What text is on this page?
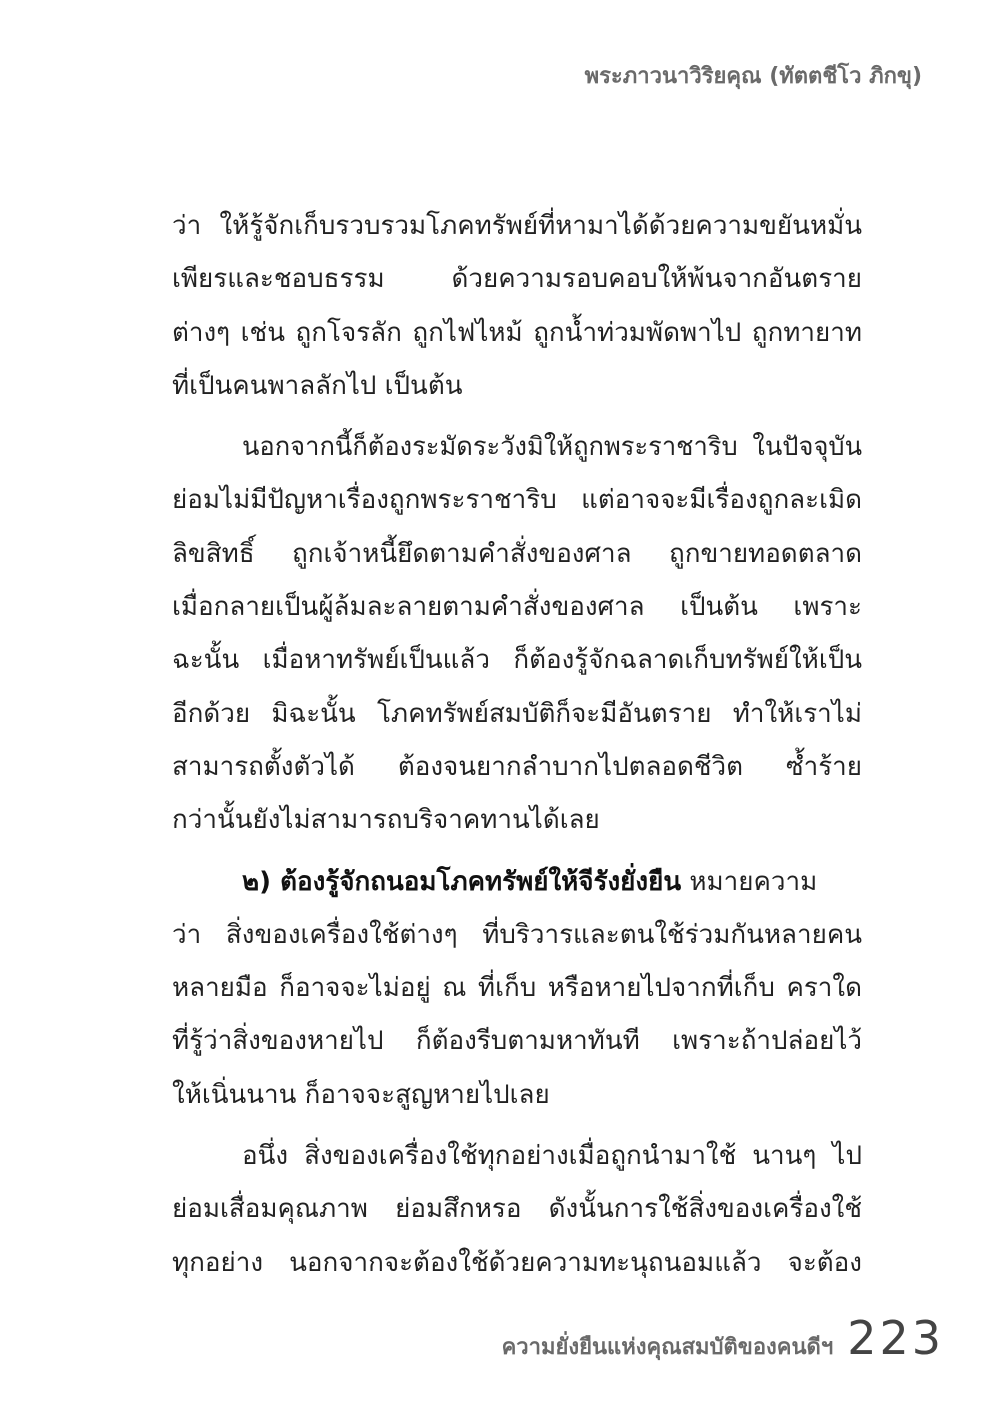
พระภาวนาวิริยคุณ (ทัตตชีโว ภิกขุ)
ว่า ให้รู้จักเก็บรวบรวมโภคทรัพย์ที่หามาได้ด้วยความขยันหมั่น
เพียรและชอบธรรม ด้วยความรอบคอบให้พ้นจากอันตราย
ต่างๆ เช่น ถูกโจรลัก ถูกไฟไหม้ ถูกน้ำท่วมพัดพาไป ถูกทายาท
ที่เป็นคนพาลลักไป เป็นต้น
นอกจากนี้ก็ต้องระมัดระวังมิให้ถูกพระราชาริบ ในปัจจุบัน
ย่อมไม่มีปัญหาเรื่องถูกพระราชาริบ แต่อาจจะมีเรื่องถูกละเมิด
ลิขสิทธิ์ ถูกเจ้าหนี้ยึดตามคำสั่งของศาล ถูกขายทอดตลาด
เมื่อกลายเป็นผู้ล้มละลายตามคำสั่งของศาล เป็นต้น เพราะ
ฉะนั้น เมื่อหาทรัพย์เป็นแล้ว ก็ต้องรู้จักฉลาดเก็บทรัพย์ให้เป็น
อีกด้วย มิฉะนั้น โภคทรัพย์สมบัติก็จะมีอันตราย ทำให้เราไม่
สามารถตั้งตัวได้ ต้องจนยากลำบากไปตลอดชีวิต ซ้ำร้าย
กว่านั้นยังไม่สามารถบริจาคทานได้เลย
๒) ต้องรู้จักถนอมโภคทรัพย์ให้จีรังยั่งยืน หมายความ
ว่า สิ่งของเครื่องใช้ต่างๆ ที่บริวารและตนใช้ร่วมกันหลายคน
หลายมือ ก็อาจจะไม่อยู่ ณ ที่เก็บ หรือหายไปจากที่เก็บ คราใด
ที่รู้ว่าสิ่งของหายไป ก็ต้องรีบตามหาทันที เพราะถ้าปล่อยไว้
ให้เนิ่นนาน ก็อาจจะสูญหายไปเลย
อนึ่ง สิ่งของเครื่องใช้ทุกอย่างเมื่อถูกนำมาใช้ นานๆ ไป
ย่อมเสื่อมคุณภาพ ย่อมสึกหรอ ดังนั้นการใช้สิ่งของเครื่องใช้
ทุกอย่าง นอกจากจะต้องใช้ด้วยความทะนุถนอมแล้ว จะต้อง
ความยั่งยืนแห่งคุณสมบัติของคนดีฯ 223
